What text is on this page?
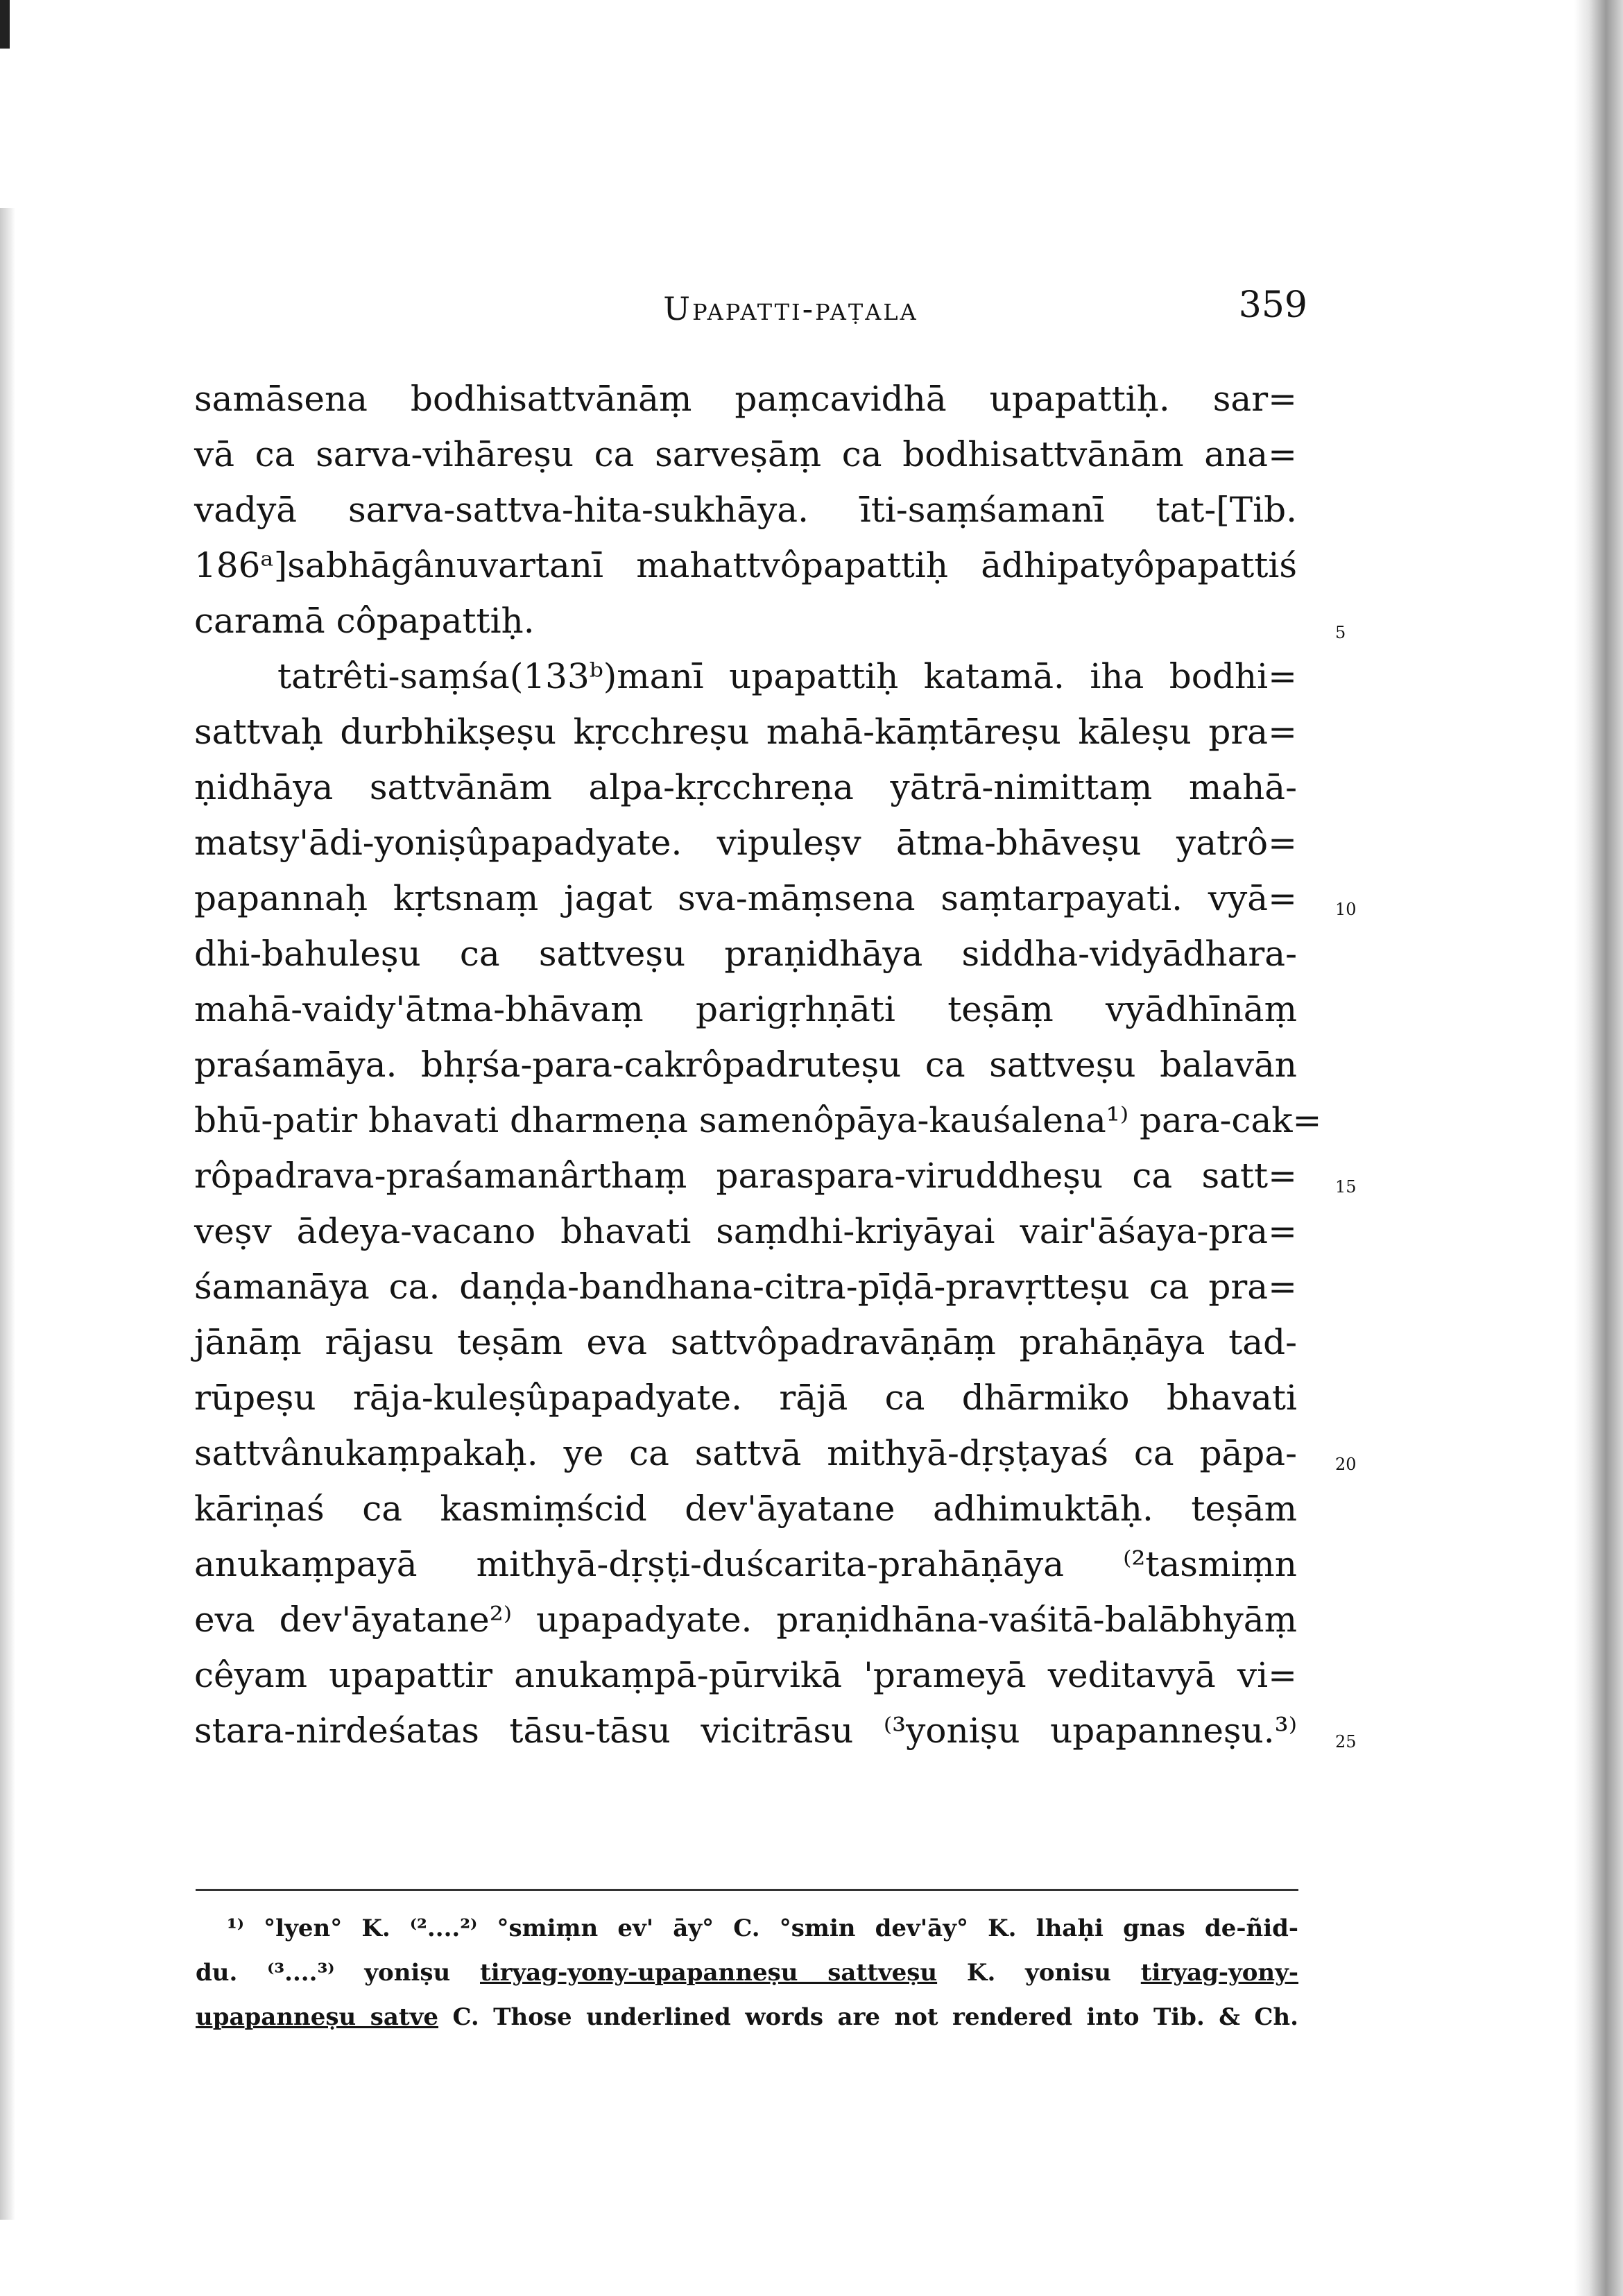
Upapatti-paṭala	359
samāsena bodhisattvānāṃ paṃcavidhā upapattiḥ. sar=
vā ca sarva-vihāreṣu ca sarveṣāṃ ca bodhisattvānām ana=
vadyā sarva-sattva-hita-sukhāya. īti-saṃśamanī tat-[Tib.
186ᵃ]sabhāgânuvartanī mahattvôpapattiḥ ādhipatyôpapattiś
caramā côpapattiḥ.
tatrêti-saṃśa(133ᵇ)manī upapattiḥ katamā. iha bodhi=
sattvaḥ durbhikṣeṣu kṛcchreṣu mahā-kāṃtāreṣu kāleṣu pra=
ṇidhāya sattvānām alpa-kṛcchreṇa yātrā-nimittaṃ mahā-
matsy'ādi-yoniṣûpapadyate. vipuleṣv ātma-bhāveṣu yatrô=
papannaḥ kṛtsnaṃ jagat sva-māṃsena saṃtarpayati. vyā=
dhi-bahuleṣu ca sattveṣu praṇidhāya siddha-vidyādhara-
mahā-vaidy'ātma-bhāvaṃ parigṛhṇāti teṣāṃ vyādhīnāṃ
praśamāya. bhṛśa-para-cakrôpadruteṣu ca sattveṣu balavān
bhū-patir bhavati dharmeṇa samenôpāya-kauśalena¹⁾ para-cak=
rôpadrava-praśamanârthaṃ paraspara-viruddheṣu ca satt=
veṣv ādeya-vacano bhavati saṃdhi-kriyāyai vair'āśaya-pra=
śamanāya ca. daṇḍa-bandhana-citra-pīḍā-pravṛtteṣu ca pra=
jānāṃ rājasu teṣām eva sattvôpadravāṇāṃ prahāṇāya tad-
rūpeṣu rāja-kuleṣûpapadyate. rājā ca dhārmiko bhavati
sattvânukaṃpakaḥ. ye ca sattvā mithyā-dṛṣṭayaś ca pāpa-
kāriṇaś ca kasmiṃścid dev'āyatane adhimuktāḥ. teṣām
anukaṃpayā mithyā-dṛṣṭi-duścarita-prahāṇāya ⁽²tasmiṃn
eva dev'āyatane²⁾ upapadyate. praṇidhāna-vaśitā-balābhyāṃ
cêyam upapattir anukaṃpā-pūrvikā 'prameyā veditavyā vi=
stara-nirdeśatas tāsu-tāsu vicitrāsu ⁽³yoniṣu upapanneṣu.³⁾
5
10
15
20
25
¹⁾ °lyen° K. ⁽²....²⁾ °smiṃn ev' āy° C. °smin dev'āy° K. lhaḥi gnas de-ñid-
du. ⁽³....³⁾ yoniṣu tiryag-yony-upapanneṣu sattveṣu K. yonisu tiryag-yony-
upapanneṣu satve C. Those underlined words are not rendered into Tib. & Ch.
